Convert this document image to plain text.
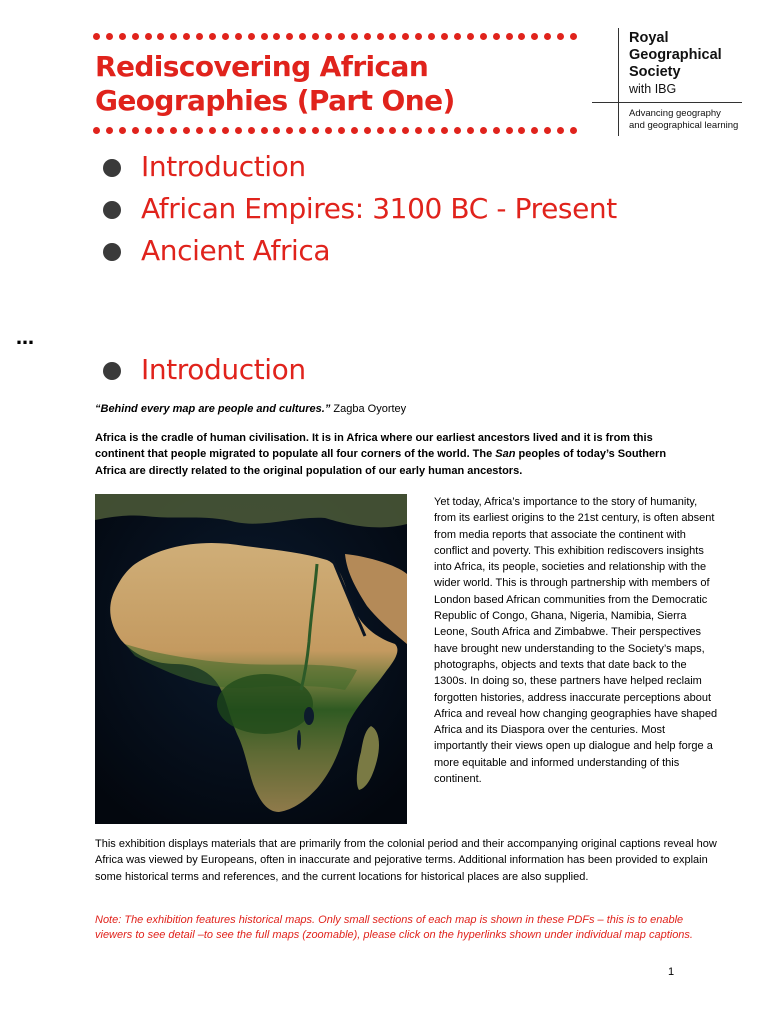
Rediscovering African
Geographies (Part One)
Royal
Geographical
Society
with IBG
Advancing geography
and geographical learning
Introduction
African Empires: 3100 BC - Present
Ancient Africa
…
Introduction
“Behind every map are people and cultures.” Zagba Oyortey

Africa is the cradle of human civilisation. It is in Africa where our earliest ancestors lived and it is from this continent that people migrated to populate all four corners of the world. The San peoples of today’s Southern Africa are directly related to the original population of our early human ancestors.

Yet today, Africa’s importance to the story of humanity, from its earliest origins to the 21st century, is often absent from media reports that associate the continent with conflict and poverty. This exhibition rediscovers insights into Africa, its people, societies and relationship with the wider world. This is through partnership with members of London based African communities from the Democratic Republic of Congo, Ghana, Nigeria, Namibia, Sierra Leone, South Africa and Zimbabwe. Their perspectives have brought new understanding to the Society’s maps, photographs, objects and texts that date back to the 1300s. In doing so, these partners have helped reclaim forgotten histories, address inaccurate perceptions about Africa and reveal how changing geographies have shaped Africa and its Diaspora over the centuries. Most importantly their views open up dialogue and help forge a more equitable and informed understanding of this continent.

This exhibition displays materials that are primarily from the colonial period and their accompanying original captions reveal how Africa was viewed by Europeans, often in inaccurate and pejorative terms. Additional information has been provided to explain some historical terms and references, and the current locations for historical places are also supplied.

Note: The exhibition features historical maps. Only small sections of each map is shown in these PDFs – this is to enable viewers to see detail –to see the full maps (zoomable), please click on the hyperlinks shown under individual map captions.

1
